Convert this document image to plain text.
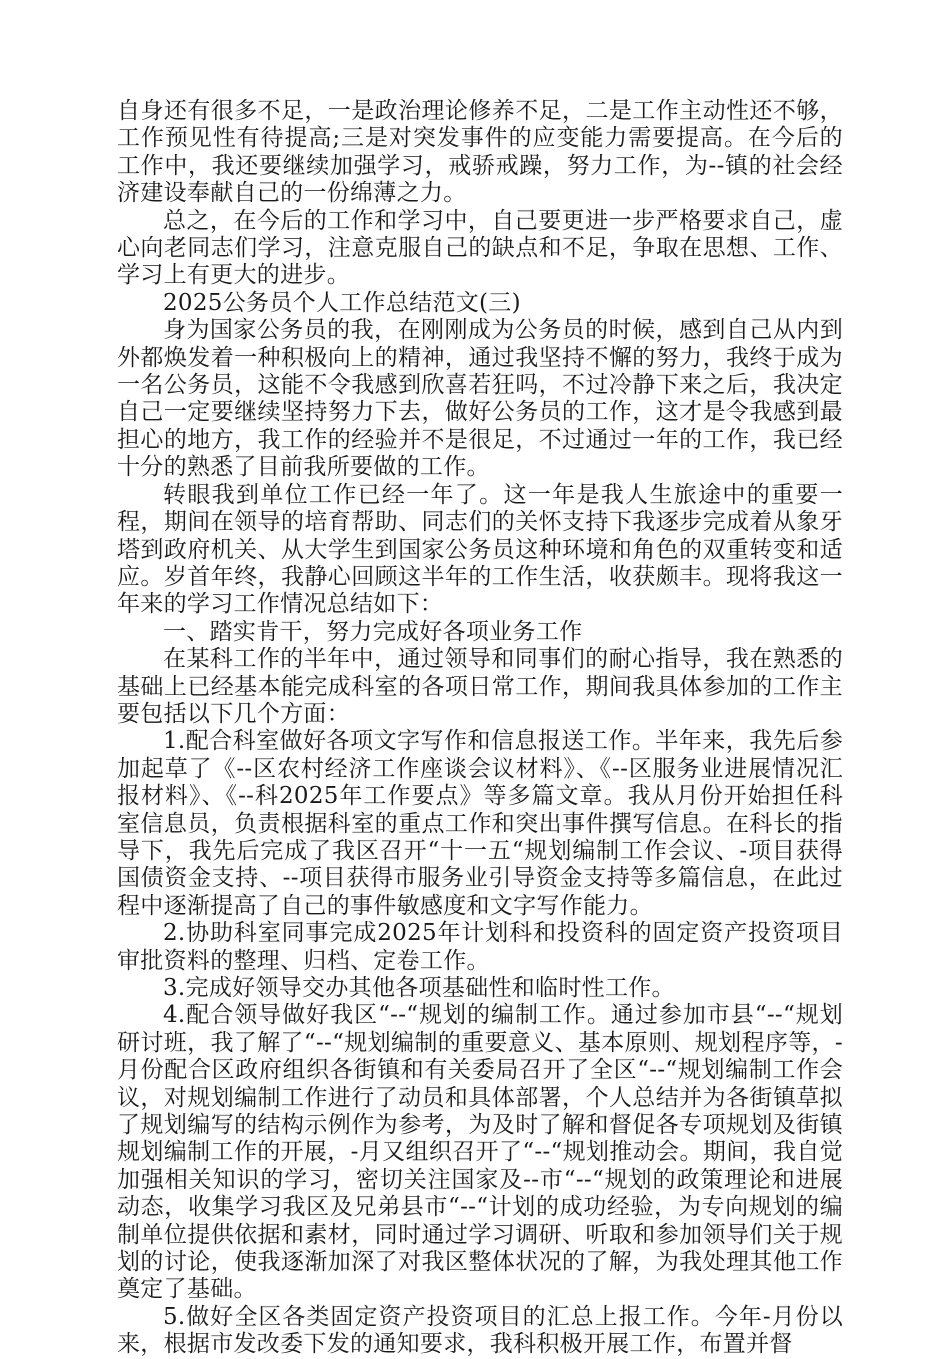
自身还有很多不足，一是政治理论修养不足，二是工作主动性还不够，工作预见性有待提高;三是对突发事件的应变能力需要提高。在今后的工作中，我还要继续加强学习，戒骄戒躁，努力工作，为--镇的社会经济建设奉献自己的一份绵薄之力。

总之，在今后的工作和学习中，自己要更进一步严格要求自己，虚心向老同志们学习，注意克服自己的缺点和不足，争取在思想、工作、学习上有更大的进步。

2025公务员个人工作总结范文(三)

身为国家公务员的我，在刚刚成为公务员的时候，感到自己从内到外都焕发着一种积极向上的精神，通过我坚持不懈的努力，我终于成为一名公务员，这能不令我感到欣喜若狂吗，不过冷静下来之后，我决定自己一定要继续坚持努力下去，做好公务员的工作，这才是令我感到最担心的地方，我工作的经验并不是很足，不过通过一年的工作，我已经十分的熟悉了目前我所要做的工作。

转眼我到单位工作已经一年了。这一年是我人生旅途中的重要一程，期间在领导的培育帮助、同志们的关怀支持下我逐步完成着从象牙塔到政府机关、从大学生到国家公务员这种环境和角色的双重转变和适应。岁首年终，我静心回顾这半年的工作生活，收获颇丰。现将我这一年来的学习工作情况总结如下：

一、踏实肯干，努力完成好各项业务工作

在某科工作的半年中，通过领导和同事们的耐心指导，我在熟悉的基础上已经基本能完成科室的各项日常工作，期间我具体参加的工作主要包括以下几个方面：

1.配合科室做好各项文字写作和信息报送工作。半年来，我先后参加起草了《--区农村经济工作座谈会议材料》、《--区服务业进展情况汇报材料》、《--科2025年工作要点》等多篇文章。我从月份开始担任科室信息员，负责根据科室的重点工作和突出事件撰写信息。在科长的指导下，我先后完成了我区召开“十一五“规划编制工作会议、-项目获得国债资金支持、--项目获得市服务业引导资金支持等多篇信息，在此过程中逐渐提高了自己的事件敏感度和文字写作能力。

2.协助科室同事完成2025年计划科和投资科的固定资产投资项目审批资料的整理、归档、定卷工作。

3.完成好领导交办其他各项基础性和临时性工作。

4.配合领导做好我区“--“规划的编制工作。通过参加市县“--“规划研讨班，我了解了“--“规划编制的重要意义、基本原则、规划程序等，-月份配合区政府组织各街镇和有关委局召开了全区“--“规划编制工作会议，对规划编制工作进行了动员和具体部署，个人总结并为各街镇草拟了规划编写的结构示例作为参考，为及时了解和督促各专项规划及街镇规划编制工作的开展，-月又组织召开了“--“规划推动会。期间，我自觉加强相关知识的学习，密切关注国家及--市“--“规划的政策理论和进展动态，收集学习我区及兄弟县市“--“计划的成功经验，为专向规划的编制单位提供依据和素材，同时通过学习调研、听取和参加领导们关于规划的讨论，使我逐渐加深了对我区整体状况的了解，为我处理其他工作奠定了基础。

5.做好全区各类固定资产投资项目的汇总上报工作。今年-月份以来，根据市发改委下发的通知要求，我科积极开展工作，布置并督
